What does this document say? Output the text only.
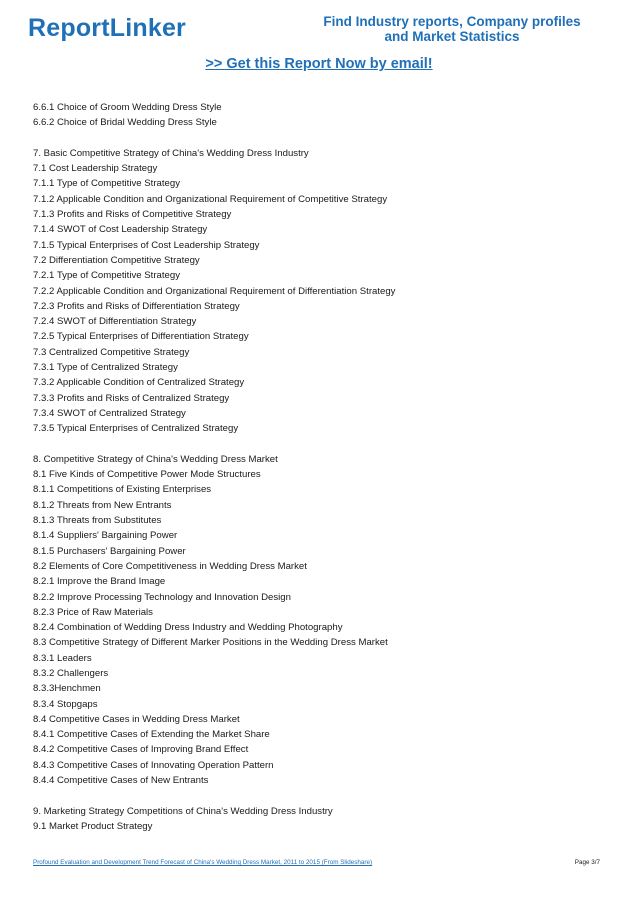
ReportLinker	Find Industry reports, Company profiles
and Market Statistics
>> Get this Report Now by email!
6.6.1 Choice of Groom Wedding Dress Style
6.6.2 Choice of Bridal Wedding Dress Style
7. Basic Competitive Strategy of China's Wedding Dress Industry
7.1 Cost Leadership Strategy
7.1.1 Type of Competitive Strategy
7.1.2 Applicable Condition and Organizational Requirement of Competitive Strategy
7.1.3 Profits and Risks of Competitive Strategy
7.1.4 SWOT of Cost Leadership Strategy
7.1.5 Typical Enterprises of Cost Leadership Strategy
7.2 Differentiation Competitive Strategy
7.2.1 Type of Competitive Strategy
7.2.2 Applicable Condition and Organizational Requirement of Differentiation Strategy
7.2.3 Profits and Risks of Differentiation Strategy
7.2.4 SWOT of Differentiation Strategy
7.2.5 Typical Enterprises of Differentiation Strategy
7.3 Centralized Competitive Strategy
7.3.1 Type of Centralized Strategy
7.3.2 Applicable Condition of Centralized Strategy
7.3.3 Profits and Risks of Centralized Strategy
7.3.4 SWOT of Centralized Strategy
7.3.5 Typical Enterprises of Centralized Strategy
8. Competitive Strategy of China's Wedding Dress Market
8.1 Five Kinds of Competitive Power Mode Structures
8.1.1 Competitions of Existing Enterprises
8.1.2 Threats from New Entrants
8.1.3 Threats from Substitutes
8.1.4 Suppliers' Bargaining Power
8.1.5 Purchasers' Bargaining Power
8.2 Elements of Core Competitiveness in Wedding Dress Market
8.2.1 Improve the Brand Image
8.2.2 Improve Processing Technology and Innovation Design
8.2.3 Price of Raw Materials
8.2.4 Combination of Wedding Dress Industry and Wedding Photography
8.3 Competitive Strategy of Different Marker Positions in the Wedding Dress Market
8.3.1 Leaders
8.3.2 Challengers
8.3.3Henchmen
8.3.4 Stopgaps
8.4 Competitive Cases in Wedding Dress Market
8.4.1 Competitive Cases of Extending the Market Share
8.4.2 Competitive Cases of Improving Brand Effect
8.4.3 Competitive Cases of Innovating Operation Pattern
8.4.4 Competitive Cases of New Entrants
9. Marketing Strategy Competitions of China's Wedding Dress Industry
9.1 Market Product Strategy
Profound Evaluation and Development Trend Forecast of China's Wedding Dress Market, 2011 to 2015 (From Slideshare)	Page 3/7
